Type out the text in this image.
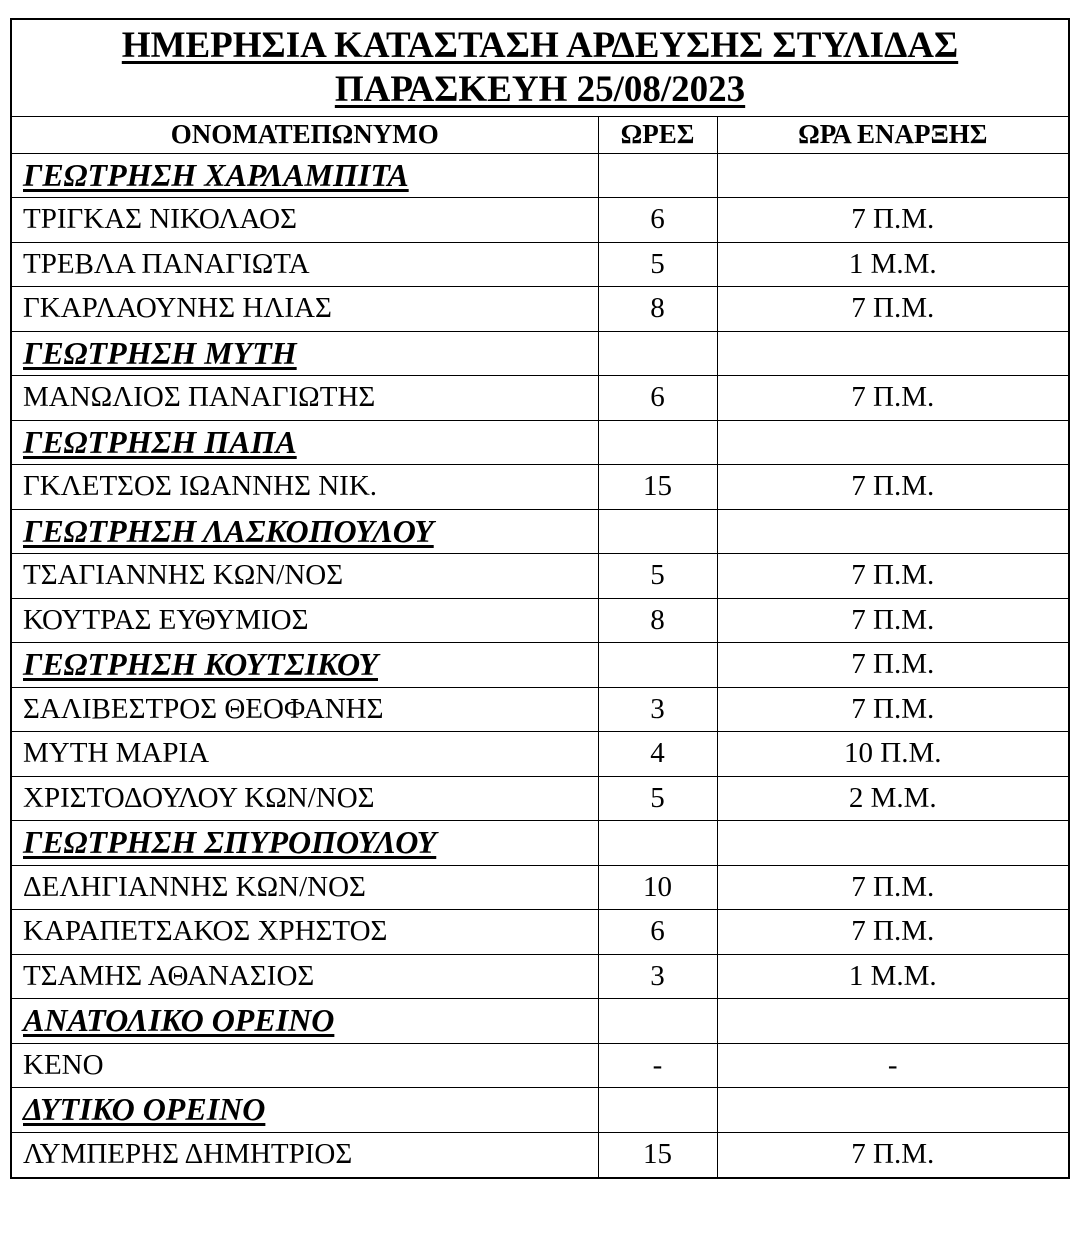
ΗΜΕΡΗΣΙΑ ΚΑΤΑΣΤΑΣΗ ΑΡΔΕΥΣΗΣ ΣΤΥΛΙΔΑΣ
ΠΑΡΑΣΚΕΥΗ 25/08/2023
ΟΝΟΜΑΤΕΠΩΝΥΜΟ	ΩΡΕΣ	ΩΡΑ ΕΝΑΡΞΗΣ
ΓΕΩΤΡΗΣΗ ΧΑΡΛΑΜΠΙΤΑ		
ΤΡΙΓΚΑΣ ΝΙΚΟΛΑΟΣ	6	7 Π.Μ.
ΤΡΕΒΛΑ ΠΑΝΑΓΙΩΤΑ	5	1 Μ.Μ.
ΓΚΑΡΛΑΟΥΝΗΣ ΗΛΙΑΣ	8	7 Π.Μ.
ΓΕΩΤΡΗΣΗ ΜΥΤΗ		
ΜΑΝΩΛΙΟΣ ΠΑΝΑΓΙΩΤΗΣ	6	7 Π.Μ.
ΓΕΩΤΡΗΣΗ ΠΑΠΑ		
ΓΚΛΕΤΣΟΣ ΙΩΑΝΝΗΣ ΝΙΚ.	15	7 Π.Μ.
ΓΕΩΤΡΗΣΗ ΛΑΣΚΟΠΟΥΛΟΥ		
ΤΣΑΓΙΑΝΝΗΣ ΚΩΝ/ΝΟΣ	5	7 Π.Μ.
ΚΟΥΤΡΑΣ ΕΥΘΥΜΙΟΣ	8	7 Π.Μ.
ΓΕΩΤΡΗΣΗ ΚΟΥΤΣΙΚΟΥ		7 Π.Μ.
ΣΑΛΙΒΕΣΤΡΟΣ ΘΕΟΦΑΝΗΣ	3	7 Π.Μ.
ΜΥΤΗ ΜΑΡΙΑ	4	10 Π.Μ.
ΧΡΙΣΤΟΔΟΥΛΟΥ ΚΩΝ/ΝΟΣ	5	2 Μ.Μ.
ΓΕΩΤΡΗΣΗ ΣΠΥΡΟΠΟΥΛΟΥ		
ΔΕΛΗΓΙΑΝΝΗΣ ΚΩΝ/ΝΟΣ	10	7 Π.Μ.
ΚΑΡΑΠΕΤΣΑΚΟΣ ΧΡΗΣΤΟΣ	6	7 Π.Μ.
ΤΣΑΜΗΣ ΑΘΑΝΑΣΙΟΣ	3	1 Μ.Μ.
ΑΝΑΤΟΛΙΚΟ ΟΡΕΙΝΟ		
ΚΕΝΟ	-	-
ΔΥΤΙΚΟ ΟΡΕΙΝΟ		
ΛΥΜΠΕΡΗΣ ΔΗΜΗΤΡΙΟΣ	15	7 Π.Μ.
